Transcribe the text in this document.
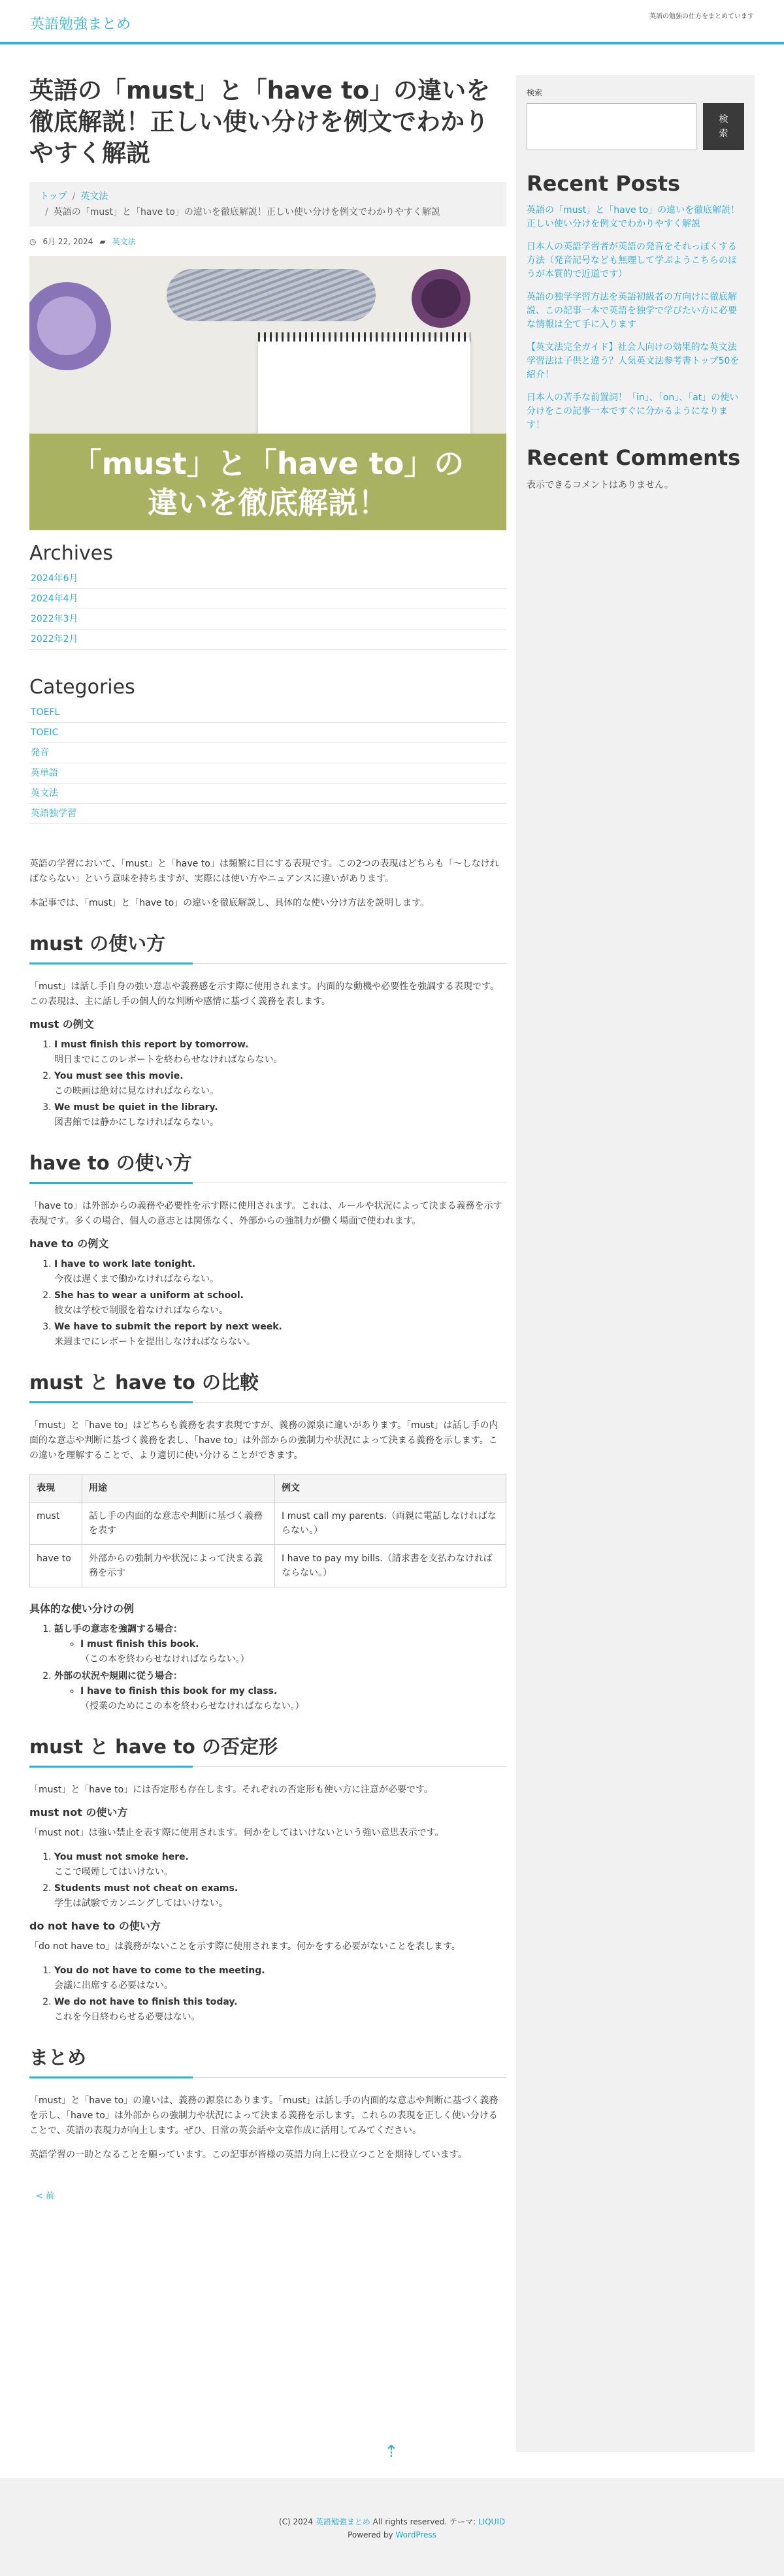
英語勉強まとめ	英語の勉強の仕方をまとめています
英語の「must」と「have to」の違いを徹底解説！正しい使い分けを例文でわかりやすく解説
トップ / 英文法
/ 英語の「must」と「have to」の違いを徹底解説！正しい使い分けを例文でわかりやすく解説
◷ 6月 22, 2024 ▰ 英文法
「must」と「have to」の
違いを徹底解説！
Archives
2024年6月
2024年4月
2022年3月
2022年2月
Categories
TOEFL
TOEIC
発音
英単語
英文法
英語独学習

英語の学習において、「must」と「have to」は頻繁に目にする表現です。この2つの表現はどちらも「〜しなければならない」という意味を持ちますが、実際には使い方やニュアンスに違いがあります。

本記事では、「must」と「have to」の違いを徹底解説し、具体的な使い分け方法を説明します。

must の使い方

「must」は話し手自身の強い意志や義務感を示す際に使用されます。内面的な動機や必要性を強調する表現です。この表現は、主に話し手の個人的な判断や感情に基づく義務を表します。

must の例文
1. I must finish this report by tomorrow.
明日までにこのレポートを終わらせなければならない。
2. You must see this movie.
この映画は絶対に見なければならない。
3. We must be quiet in the library.
図書館では静かにしなければならない。
have to の使い方

「have to」は外部からの義務や必要性を示す際に使用されます。これは、ルールや状況によって決まる義務を示す表現です。多くの場合、個人の意志とは関係なく、外部からの強制力が働く場面で使われます。

have to の例文
1. I have to work late tonight.
今夜は遅くまで働かなければならない。
2. She has to wear a uniform at school.
彼女は学校で制服を着なければならない。
3. We have to submit the report by next week.
来週までにレポートを提出しなければならない。
must と have to の比較

「must」と「have to」はどちらも義務を表す表現ですが、義務の源泉に違いがあります。「must」は話し手の内面的な意志や判断に基づく義務を表し、「have to」は外部からの強制力や状況によって決まる義務を示します。この違いを理解することで、より適切に使い分けることができます。

表現	用途	例文
must	話し手の内面的な意志や判断に基づく義務を表す	I must call my parents.（両親に電話しなければならない。）
have to	外部からの強制力や状況によって決まる義務を示す	I have to pay my bills.（請求書を支払わなければならない。）
具体的な使い分けの例
1. 話し手の意志を強調する場合：
◦ I must finish this book.
（この本を終わらせなければならない。）
2. 外部の状況や規則に従う場合：
◦ I have to finish this book for my class.
（授業のためにこの本を終わらせなければならない。）
must と have to の否定形

「must」と「have to」には否定形も存在します。それぞれの否定形も使い方に注意が必要です。

must not の使い方

「must not」は強い禁止を表す際に使用されます。何かをしてはいけないという強い意思表示です。

1. You must not smoke here.
ここで喫煙してはいけない。
2. Students must not cheat on exams.
学生は試験でカンニングしてはいけない。
do not have to の使い方

「do not have to」は義務がないことを示す際に使用されます。何かをする必要がないことを表します。

1. You do not have to come to the meeting.
会議に出席する必要はない。
2. We do not have to finish this today.
これを今日終わらせる必要はない。
まとめ

「must」と「have to」の違いは、義務の源泉にあります。「must」は話し手の内面的な意志や判断に基づく義務を示し、「have to」は外部からの強制力や状況によって決まる義務を示します。これらの表現を正しく使い分けることで、英語の表現力が向上します。ぜひ、日常の英会話や文章作成に活用してみてください。

英語学習の一助となることを願っています。この記事が皆様の英語力向上に役立つことを期待しています。

< 前
検索
検索
Recent Posts
英語の「must」と「have to」の違いを徹底解説！正しい使い分けを例文でわかりやすく解説
日本人の英語学習者が英語の発音をそれっぽくする方法（発音記号なども無理して学ぶようこちらのほうが本質的で近道です）
英語の独学学習方法を英語初級者の方向けに徹底解説、この記事一本で英語を独学で学びたい方に必要な情報は全て手に入ります
【英文法完全ガイド】社会人向けの効果的な英文法学習法は子供と違う？人気英文法参考書トップ50を紹介！
日本人の苦手な前置詞！「in」、「on」、「at」の使い分けをこの記事一本ですぐに分かるようになります！
Recent Comments
表示できるコメントはありません。
⇡
(C) 2024 英語勉強まとめ All rights reserved. テーマ: LIQUID
Powered by WordPress
